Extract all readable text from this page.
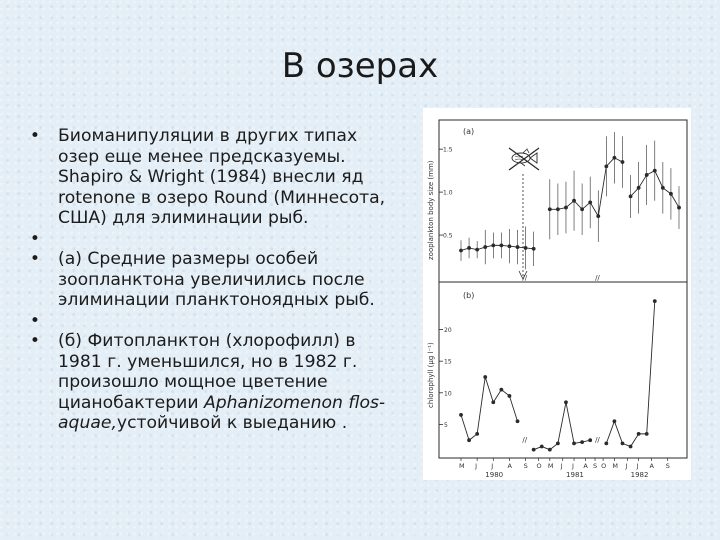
В озерах
• Биоманипуляции в других типах
озер еще менее предсказуемы.
Shapiro & Wright (1984) внесли яд
rotenone в озеро Round (Миннесота,
США) для элиминации рыб.
•

• (а) Средние размеры особей
зоопланктона увеличились после
элиминации планктоноядных рыб.
•

• (б) Фитопланктон (хлорофилл) в
1981 г. уменьшился, но в 1982 г.
произошло мощное цветение
цианобактерии Aphanizomenon flos-
aquae,устойчивой к выеданию .
(a)
zooplankton body size (mm) 0.5
1.0
1.5
//	//
(b)
chlorophyll (µg l⁻¹)
5
10
15
20
//	//
M J J A S O M J J A S O M J J A S
1980	1981	1982
